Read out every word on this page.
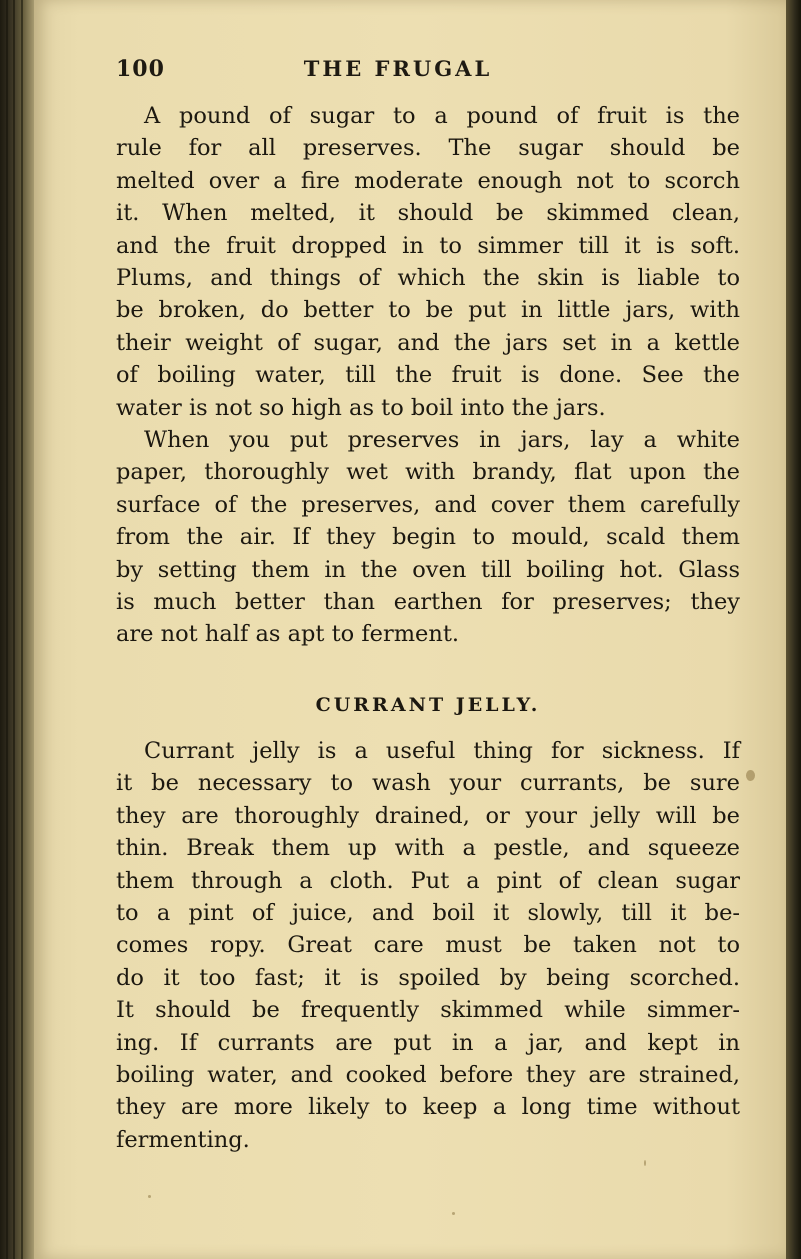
100	THE FRUGAL
A pound of sugar to a pound of fruit is the
rule for all preserves. The sugar should be
melted over a fire moderate enough not to scorch
it. When melted, it should be skimmed clean,
and the fruit dropped in to simmer till it is soft.
Plums, and things of which the skin is liable to
be broken, do better to be put in little jars, with
their weight of sugar, and the jars set in a kettle
of boiling water, till the fruit is done. See the
water is not so high as to boil into the jars.
When you put preserves in jars, lay a white
paper, thoroughly wet with brandy, flat upon the
surface of the preserves, and cover them carefully
from the air. If they begin to mould, scald them
by setting them in the oven till boiling hot. Glass
is much better than earthen for preserves; they
are not half as apt to ferment.
CURRANT JELLY.
Currant jelly is a useful thing for sickness. If
it be necessary to wash your currants, be sure
they are thoroughly drained, or your jelly will be
thin. Break them up with a pestle, and squeeze
them through a cloth. Put a pint of clean sugar
to a pint of juice, and boil it slowly, till it be-
comes ropy. Great care must be taken not to
do it too fast; it is spoiled by being scorched.
It should be frequently skimmed while simmer-
ing. If currants are put in a jar, and kept in
boiling water, and cooked before they are strained,
they are more likely to keep a long time without
fermenting.
